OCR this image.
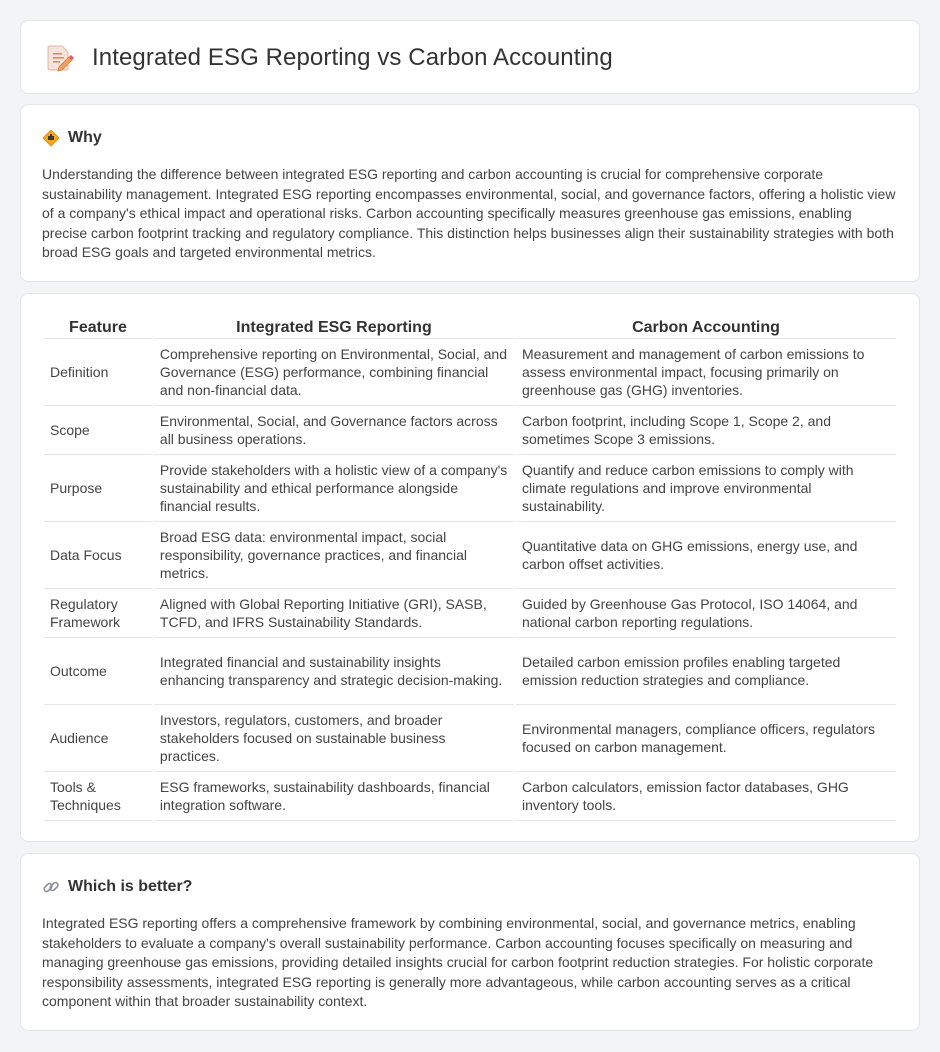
Integrated ESG Reporting vs Carbon Accounting
Why

Understanding the difference between integrated ESG reporting and carbon accounting is crucial for comprehensive corporate sustainability management. Integrated ESG reporting encompasses environmental, social, and governance factors, offering a holistic view of a company's ethical impact and operational risks. Carbon accounting specifically measures greenhouse gas emissions, enabling precise carbon footprint tracking and regulatory compliance. This distinction helps businesses align their sustainability strategies with both broad ESG goals and targeted environmental metrics.

Feature	Integrated ESG Reporting	Carbon Accounting
Definition	Comprehensive reporting on Environmental, Social, and Governance (ESG) performance, combining financial and non-financial data.	Measurement and management of carbon emissions to assess environmental impact, focusing primarily on greenhouse gas (GHG) inventories.
Scope	Environmental, Social, and Governance factors across all business operations.	Carbon footprint, including Scope 1, Scope 2, and sometimes Scope 3 emissions.
Purpose	Provide stakeholders with a holistic view of a company's sustainability and ethical performance alongside financial results.	Quantify and reduce carbon emissions to comply with climate regulations and improve environmental sustainability.
Data Focus	Broad ESG data: environmental impact, social responsibility, governance practices, and financial metrics.	Quantitative data on GHG emissions, energy use, and carbon offset activities.
Regulatory Framework	Aligned with Global Reporting Initiative (GRI), SASB, TCFD, and IFRS Sustainability Standards.	Guided by Greenhouse Gas Protocol, ISO 14064, and national carbon reporting regulations.
Outcome	Integrated financial and sustainability insights enhancing transparency and strategic decision-making.	Detailed carbon emission profiles enabling targeted emission reduction strategies and compliance.
Audience	Investors, regulators, customers, and broader stakeholders focused on sustainable business practices.	Environmental managers, compliance officers, regulators focused on carbon management.
Tools & Techniques	ESG frameworks, sustainability dashboards, financial integration software.	Carbon calculators, emission factor databases, GHG inventory tools.
Which is better?

Integrated ESG reporting offers a comprehensive framework by combining environmental, social, and governance metrics, enabling stakeholders to evaluate a company's overall sustainability performance. Carbon accounting focuses specifically on measuring and managing greenhouse gas emissions, providing detailed insights crucial for carbon footprint reduction strategies. For holistic corporate responsibility assessments, integrated ESG reporting is generally more advantageous, while carbon accounting serves as a critical component within that broader sustainability context.
